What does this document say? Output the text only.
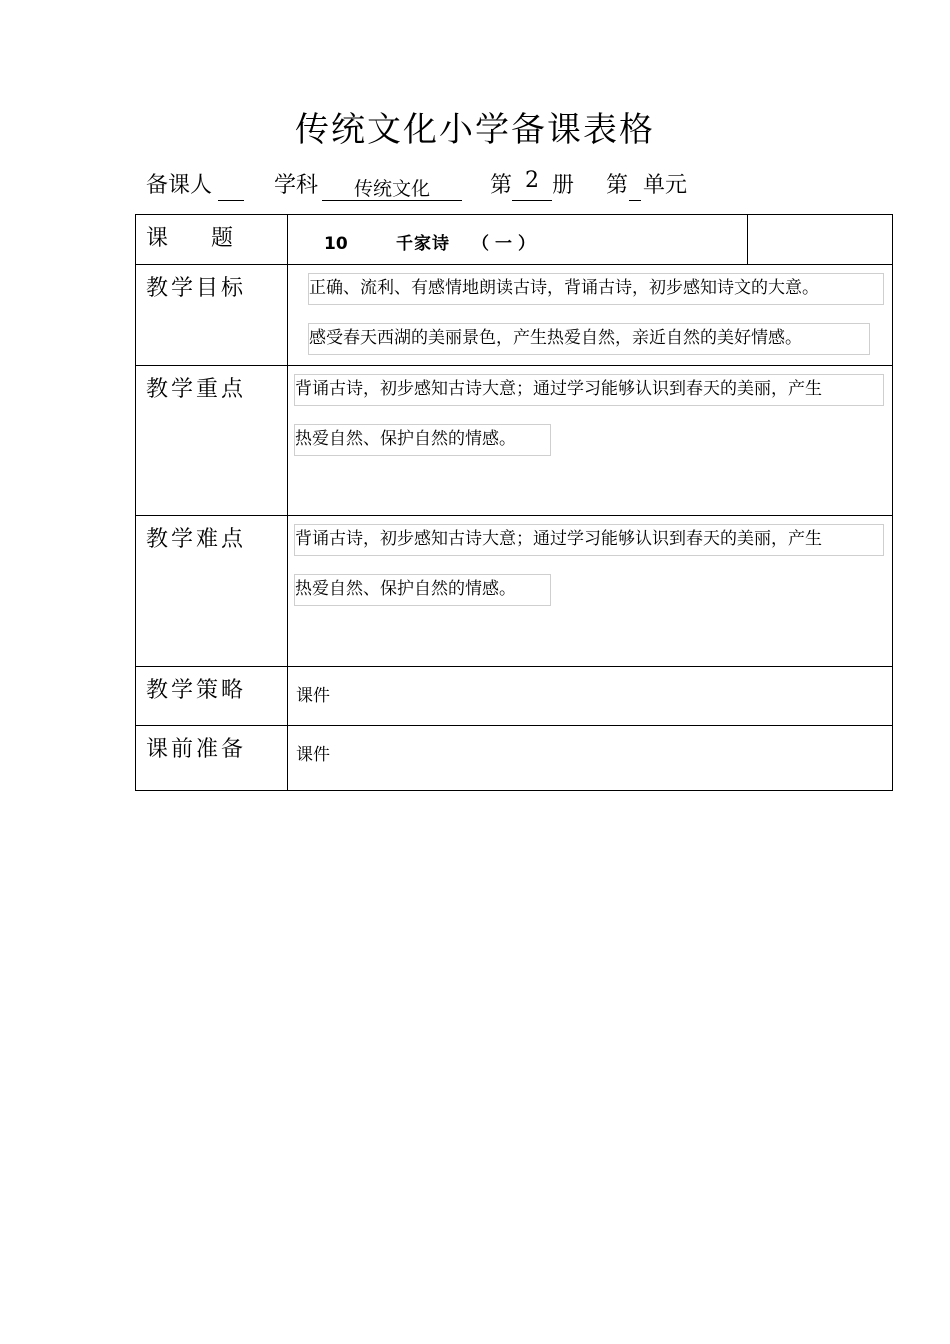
传统文化小学备课表格
备课人	学科	传统文化	第 2 册 第 单元
课    题	10 千家诗 （一）	

教学目标	正确、流利、有感情地朗读古诗，背诵古诗，初步感知诗文的大意。
感受春天西湖的美丽景色，产生热爱自然，亲近自然的美好情感。	

教学重点	背诵古诗，初步感知古诗大意；通过学习能够认识到春天的美丽，产生
热爱自然、保护自然的情感。	

教学难点	背诵古诗，初步感知古诗大意；通过学习能够认识到春天的美丽，产生
热爱自然、保护自然的情感。	

教学策略	课件	

课前准备	课件	
